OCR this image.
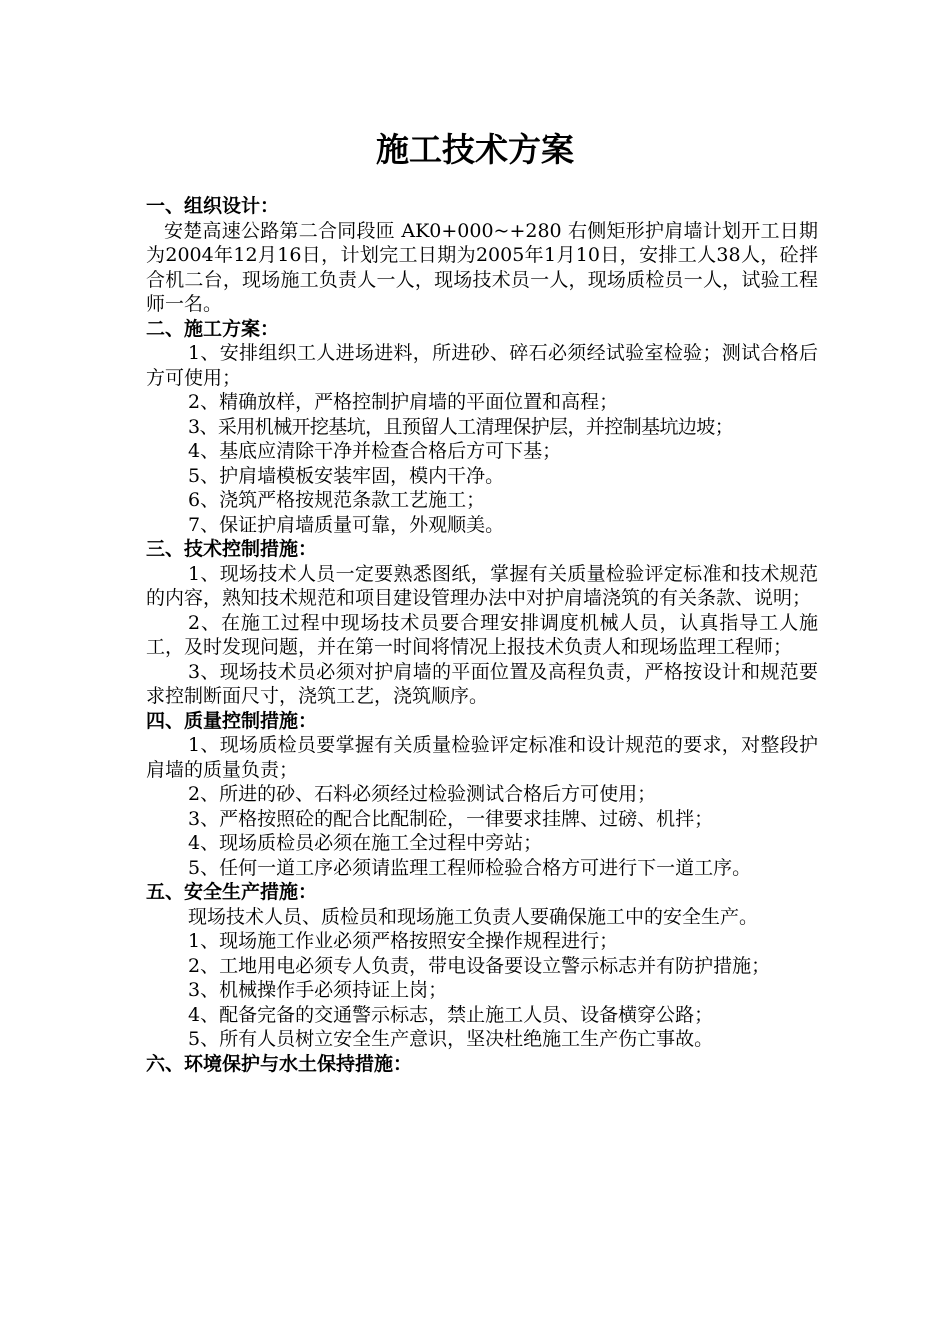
施工技术方案
一、组织设计：
安楚高速公路第二合同段匝 AK0+000~+280 右侧矩形护肩墙计划开工日期为2004年12月16日，计划完工日期为2005年1月10日，安排工人38人，砼拌合机二台，现场施工负责人一人，现场技术员一人，现场质检员一人，试验工程师一名。
二、施工方案：
1、安排组织工人进场进料，所进砂、碎石必须经试验室检验；测试合格后方可使用；
2、精确放样，严格控制护肩墙的平面位置和高程；
3、采用机械开挖基坑，且预留人工清理保护层，并控制基坑边坡；
4、基底应清除干净并检查合格后方可下基；
5、护肩墙模板安装牢固，模内干净。
6、浇筑严格按规范条款工艺施工；
7、保证护肩墙质量可靠，外观顺美。
三、技术控制措施：
1、现场技术人员一定要熟悉图纸，掌握有关质量检验评定标准和技术规范的内容，熟知技术规范和项目建设管理办法中对护肩墙浇筑的有关条款、说明；
2、在施工过程中现场技术员要合理安排调度机械人员，认真指导工人施工，及时发现问题，并在第一时间将情况上报技术负责人和现场监理工程师；
3、现场技术员必须对护肩墙的平面位置及高程负责，严格按设计和规范要求控制断面尺寸，浇筑工艺，浇筑顺序。
四、质量控制措施：
1、现场质检员要掌握有关质量检验评定标准和设计规范的要求，对整段护肩墙的质量负责；
2、所进的砂、石料必须经过检验测试合格后方可使用；
3、严格按照砼的配合比配制砼，一律要求挂牌、过磅、机拌；
4、现场质检员必须在施工全过程中旁站；
5、任何一道工序必须请监理工程师检验合格方可进行下一道工序。
五、安全生产措施：
现场技术人员、质检员和现场施工负责人要确保施工中的安全生产。
1、现场施工作业必须严格按照安全操作规程进行；
2、工地用电必须专人负责，带电设备要设立警示标志并有防护措施；
3、机械操作手必须持证上岗；
4、配备完备的交通警示标志，禁止施工人员、设备横穿公路；
5、所有人员树立安全生产意识，坚决杜绝施工生产伤亡事故。
六、环境保护与水土保持措施：
